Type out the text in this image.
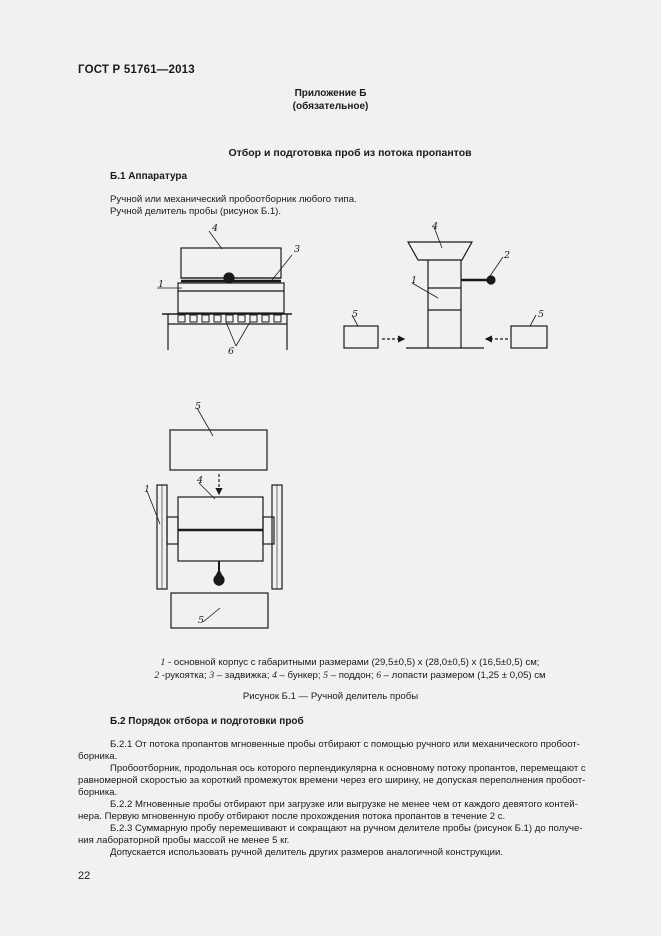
ГОСТ Р 51761—2013
Приложение Б
(обязательное)
Отбор и подготовка проб из потока пропантов
Б.1 Аппаратура
Ручной или механический пробоотборник любого типа.
Ручной делитель пробы (рисунок Б.1).
4
3
1
6
4
2
1
5	5
5
1
4
5
1 - основной корпус с габаритными размерами (29,5±0,5) х (28,0±0,5) х (16,5±0,5) см;
2 -рукоятка; 3 – задвижка; 4 – бункер; 5 – поддон; 6 – лопасти размером (1,25 ± 0,05) см
Рисунок Б.1 — Ручной делитель пробы
Б.2 Порядок отбора и подготовки проб
Б.2.1 От потока пропантов мгновенные пробы отбирают с помощью ручного или механического пробоот-
борника.
Пробоотборник, продольная ось которого перпендикулярна к основному потоку пропантов, перемещают с
равномерной скоростью за короткий промежуток времени через его ширину, не допуская переполнения пробоот-
борника.
Б.2.2 Мгновенные пробы отбирают при загрузке или выгрузке не менее чем от каждого девятого контей-
нера. Первую мгновенную пробу отбирают после прохождения потока пропантов в течение 2 с.
Б.2.3 Суммарную пробу перемешивают и сокращают на ручном делителе пробы (рисунок Б.1) до получе-
ния лабораторной пробы массой не менее 5 кг.
Допускается использовать ручной делитель других размеров аналогичной конструкции.
22
